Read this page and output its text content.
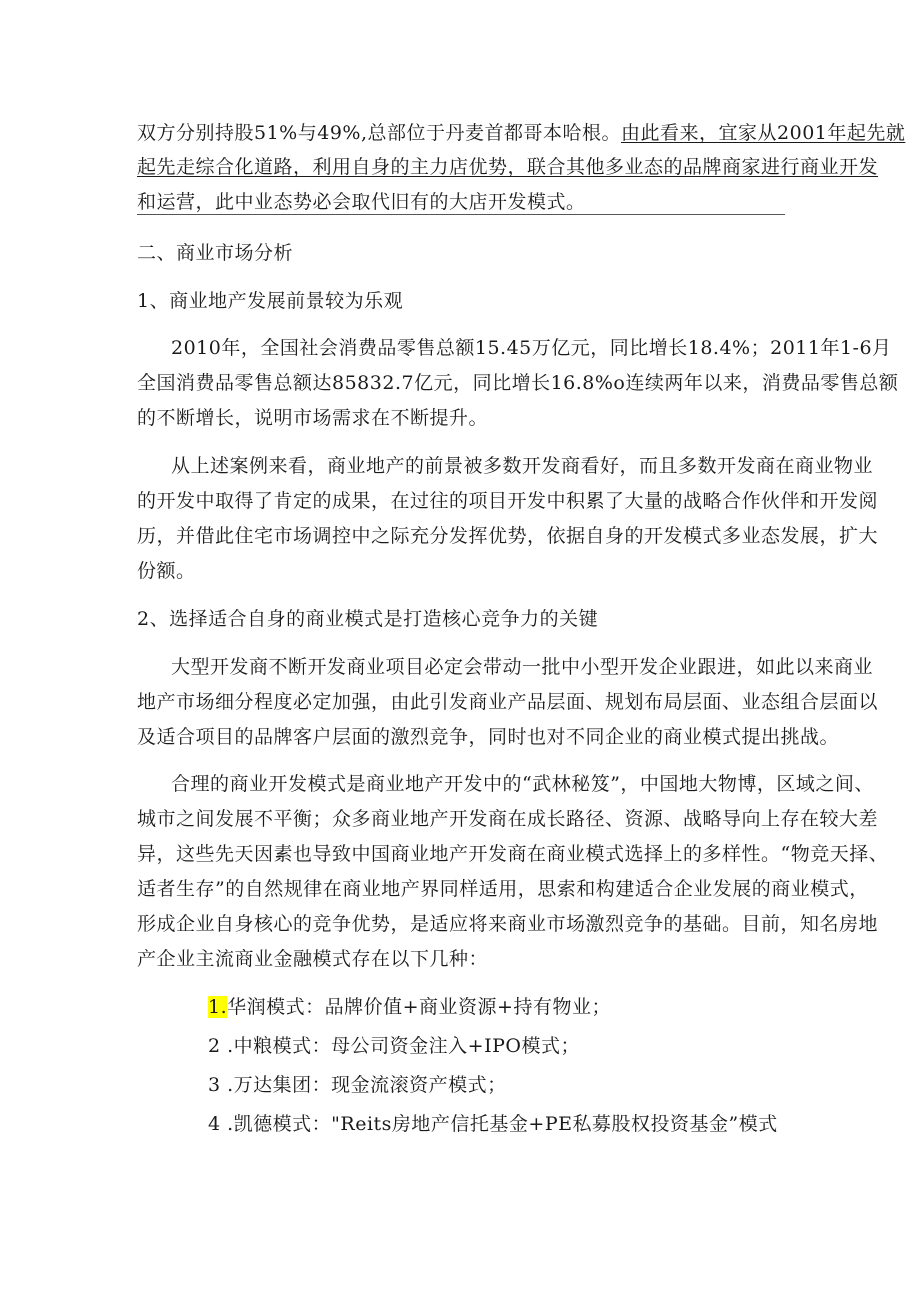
双方分别持股51%与49%,总部位于丹麦首都哥本哈根。由此看来，宜家从2001年起先就
起先走综合化道路，利用自身的主力店优势，联合其他多业态的品牌商家进行商业开发
和运营，此中业态势必会取代旧有的大店开发模式。
二、商业市场分析
1、商业地产发展前景较为乐观
2010年，全国社会消费品零售总额15.45万亿元，同比增长18.4%；2011年1-6月
全国消费品零售总额达85832.7亿元，同比增长16.8%o连续两年以来，消费品零售总额
的不断增长，说明市场需求在不断提升。
从上述案例来看，商业地产的前景被多数开发商看好，而且多数开发商在商业物业
的开发中取得了肯定的成果，在过往的项目开发中积累了大量的战略合作伙伴和开发阅
历，并借此住宅市场调控中之际充分发挥优势，依据自身的开发模式多业态发展，扩大
份额。
2、选择适合自身的商业模式是打造核心竞争力的关键
大型开发商不断开发商业项目必定会带动一批中小型开发企业跟进，如此以来商业
地产市场细分程度必定加强，由此引发商业产品层面、规划布局层面、业态组合层面以
及适合项目的品牌客户层面的激烈竞争，同时也对不同企业的商业模式提出挑战。
合理的商业开发模式是商业地产开发中的“武林秘笈”，中国地大物博，区域之间、
城市之间发展不平衡；众多商业地产开发商在成长路径、资源、战略导向上存在较大差
异，这些先天因素也导致中国商业地产开发商在商业模式选择上的多样性。“物竞天择、
适者生存”的自然规律在商业地产界同样适用，思索和构建适合企业发展的商业模式，
形成企业自身核心的竞争优势，是适应将来商业市场激烈竞争的基础。目前，知名房地
产企业主流商业金融模式存在以下几种：
1.华润模式：品牌价值+商业资源+持有物业；
2 .中粮模式：母公司资金注入+IPO模式；
3 .万达集团：现金流滚资产模式；
4 .凯德模式："Reits房地产信托基金+PE私募股权投资基金”模式
